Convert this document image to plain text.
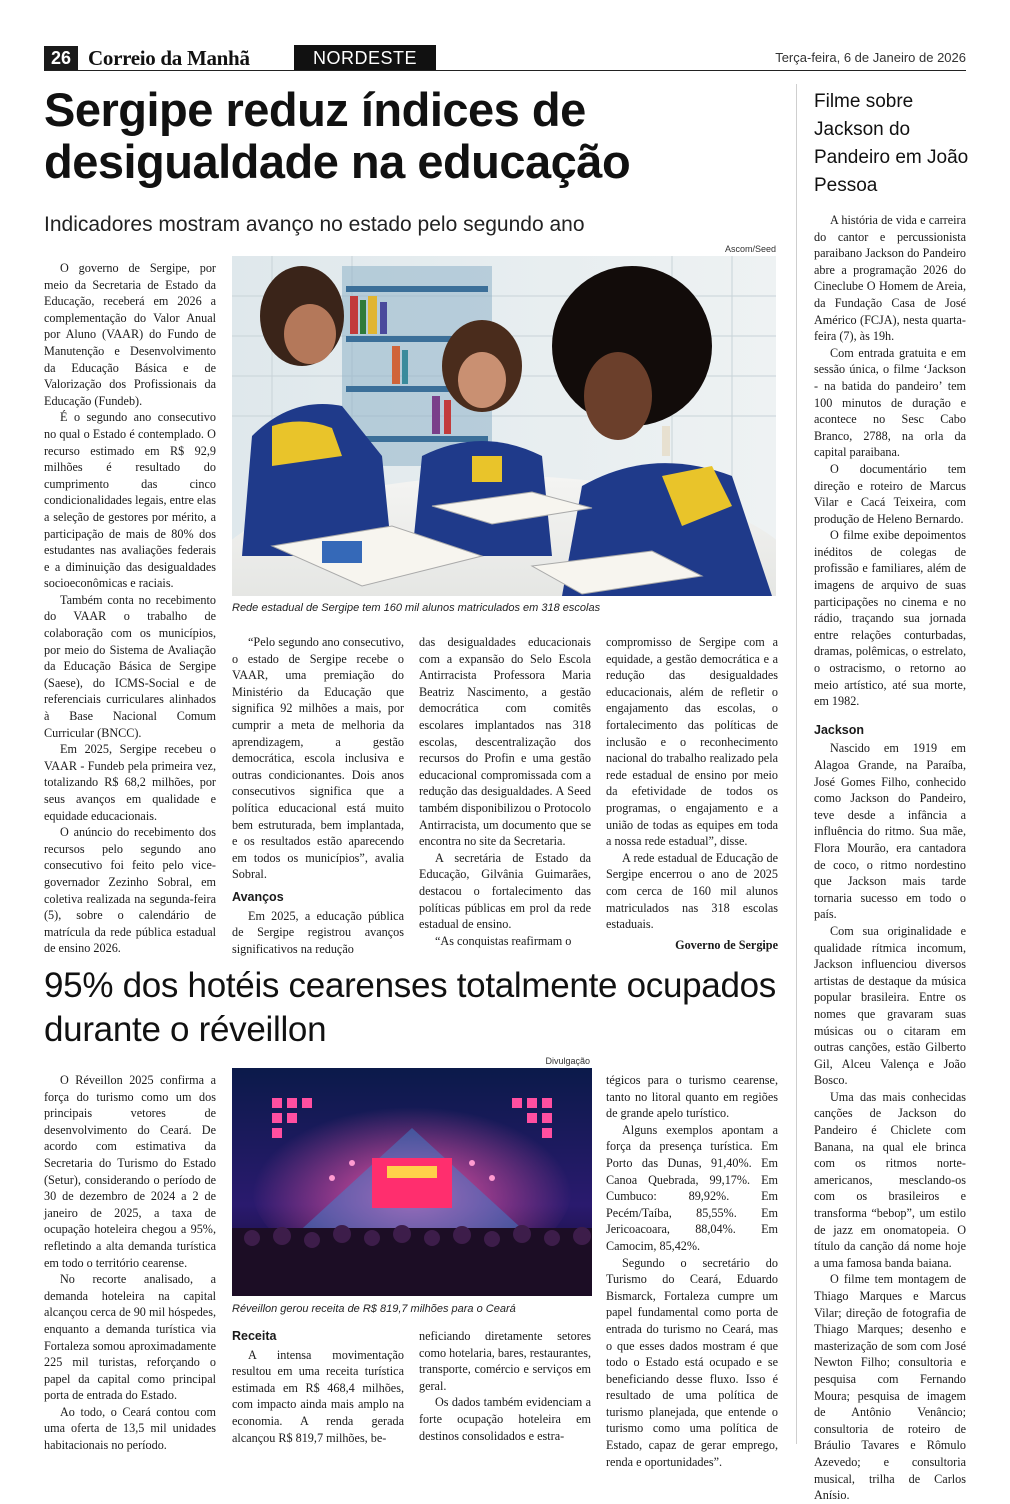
26 Correio da Manhã	NORDESTE	Terça-feira, 6 de Janeiro de 2026
Sergipe reduz índices de desigualdade na educação
Indicadores mostram avanço no estado pelo segundo ano
Ascom/Seed
Rede estadual de Sergipe tem 160 mil alunos matriculados em 318 escolas

O governo de Sergipe, por meio da Secretaria de Estado da Educação, receberá em 2026 a complementação do Valor Anual por Aluno (VAAR) do Fundo de Manutenção e Desenvolvimento da Educação Básica e de Valorização dos Profissionais da Educação (Fundeb).

É o segundo ano consecutivo no qual o Estado é contemplado. O recurso estimado em R$ 92,9 milhões é resultado do cumprimento das cinco condicionalidades legais, entre elas a seleção de gestores por mérito, a participação de mais de 80% dos estudantes nas avaliações federais e a diminuição das desigualdades socioeconômicas e raciais.

Também conta no recebimento do VAAR o trabalho de colaboração com os municípios, por meio do Sistema de Avaliação da Educação Básica de Sergipe (Saese), do ICMS-Social e de referenciais curriculares alinhados à Base Nacional Comum Curricular (BNCC).

Em 2025, Sergipe recebeu o VAAR - Fundeb pela primeira vez, totalizando R$ 68,2 milhões, por seus avanços em qualidade e equidade educacionais.

O anúncio do recebimento dos recursos pelo segundo ano consecutivo foi feito pelo vice-governador Zezinho Sobral, em coletiva realizada na segunda-feira (5), sobre o calendário de matrícula da rede pública estadual de ensino 2026.

“Pelo segundo ano consecutivo, o estado de Sergipe recebe o VAAR, uma premiação do Ministério da Educação que significa 92 milhões a mais, por cumprir a meta de melhoria da aprendizagem, a gestão democrática, escola inclusiva e outras condicionantes. Dois anos consecutivos significa que a política educacional está muito bem estruturada, bem implantada, e os resultados estão aparecendo em todos os municípios”, avalia Sobral.

Avanços

Em 2025, a educação pública de Sergipe registrou avanços significativos na redução

das desigualdades educacionais com a expansão do Selo Escola Antirracista Professora Maria Beatriz Nascimento, a gestão democrática com comitês escolares implantados nas 318 escolas, descentralização dos recursos do Profin e uma gestão educacional compromissada com a redução das desigualdades. A Seed também disponibilizou o Protocolo Antirracista, um documento que se encontra no site da Secretaria.

A secretária de Estado da Educação, Gilvânia Guimarães, destacou o fortalecimento das políticas públicas em prol da rede estadual de ensino.

“As conquistas reafirmam o

compromisso de Sergipe com a equidade, a gestão democrática e a redução das desigualdades educacionais, além de refletir o engajamento das escolas, o fortalecimento das políticas de inclusão e o reconhecimento nacional do trabalho realizado pela rede estadual de ensino por meio da efetividade de todos os programas, o engajamento e a união de todas as equipes em toda a nossa rede estadual”, disse.

A rede estadual de Educação de Sergipe encerrou o ano de 2025 com cerca de 160 mil alunos matriculados nas 318 escolas estaduais.

Governo de Sergipe

Filme sobre Jackson do Pandeiro em João Pessoa

A história de vida e carreira do cantor e percussionista paraibano Jackson do Pandeiro abre a programação 2026 do Cineclube O Homem de Areia, da Fundação Casa de José Américo (FCJA), nesta quarta-feira (7), às 19h.

Com entrada gratuita e em sessão única, o filme ‘Jackson - na batida do pandeiro’ tem 100 minutos de duração e acontece no Sesc Cabo Branco, 2788, na orla da capital paraibana.

O documentário tem direção e roteiro de Marcus Vilar e Cacá Teixeira, com produção de Heleno Bernardo.

O filme exibe depoimentos inéditos de colegas de profissão e familiares, além de imagens de arquivo de suas participações no cinema e no rádio, traçando sua jornada entre relações conturbadas, dramas, polêmicas, o estrelato, o ostracismo, o retorno ao meio artístico, até sua morte, em 1982.

Jackson

Nascido em 1919 em Alagoa Grande, na Paraíba, José Gomes Filho, conhecido como Jackson do Pandeiro, teve desde a infância a influência do ritmo. Sua mãe, Flora Mourão, era cantadora de coco, o ritmo nordestino que Jackson mais tarde tornaria sucesso em todo o país.

Com sua originalidade e qualidade rítmica incomum, Jackson influenciou diversos artistas de destaque da música popular brasileira. Entre os nomes que gravaram suas músicas ou o citaram em outras canções, estão Gilberto Gil, Alceu Valença e João Bosco.

Uma das mais conhecidas canções de Jackson do Pandeiro é Chiclete com Banana, na qual ele brinca com os ritmos norte-americanos, mesclando-os com os brasileiros e transforma “bebop”, um estilo de jazz em onomatopeia. O título da canção dá nome hoje a uma famosa banda baiana.

O filme tem montagem de Thiago Marques e Marcus Vilar; direção de fotografia de Thiago Marques; desenho e masterização de som com José Newton Filho; consultoria e pesquisa com Fernando Moura; pesquisa de imagem de Antônio Venâncio; consultoria de roteiro de Bráulio Tavares e Rômulo Azevedo; e consultoria musical, trilha de Carlos Anísio.

95% dos hotéis cearenses totalmente ocupados durante o réveillon
Divulgação
Réveillon gerou receita de R$ 819,7 milhões para o Ceará

O Réveillon 2025 confirma a força do turismo como um dos principais vetores de desenvolvimento do Ceará. De acordo com estimativa da Secretaria do Turismo do Estado (Setur), considerando o período de 30 de dezembro de 2024 a 2 de janeiro de 2025, a taxa de ocupação hoteleira chegou a 95%, refletindo a alta demanda turística em todo o território cearense.

No recorte analisado, a demanda hoteleira na capital alcançou cerca de 90 mil hóspedes, enquanto a demanda turística via Fortaleza somou aproximadamente 225 mil turistas, reforçando o papel da capital como principal porta de entrada do Estado.

Ao todo, o Ceará contou com uma oferta de 13,5 mil unidades habitacionais no período.

Receita

A intensa movimentação resultou em uma receita turística estimada em R$ 468,4 milhões, com impacto ainda mais amplo na economia. A renda gerada alcançou R$ 819,7 milhões, be-

neficiando diretamente setores como hotelaria, bares, restaurantes, transporte, comércio e serviços em geral.

Os dados também evidenciam a forte ocupação hoteleira em destinos consolidados e estra-

tégicos para o turismo cearense, tanto no litoral quanto em regiões de grande apelo turístico.

Alguns exemplos apontam a força da presença turística. Em Porto das Dunas, 91,40%. Em Canoa Quebrada, 99,17%. Em Cumbuco: 89,92%. Em Pecém/Taíba, 85,55%. Em Jericoacoara, 88,04%. Em Camocim, 85,42%.

Segundo o secretário do Turismo do Ceará, Eduardo Bismarck, Fortaleza cumpre um papel fundamental como porta de entrada do turismo no Ceará, mas o que esses dados mostram é que todo o Estado está ocupado e se beneficiando desse fluxo. Isso é resultado de uma política de turismo planejada, que entende o turismo como uma política de Estado, capaz de gerar emprego, renda e oportunidades”.
